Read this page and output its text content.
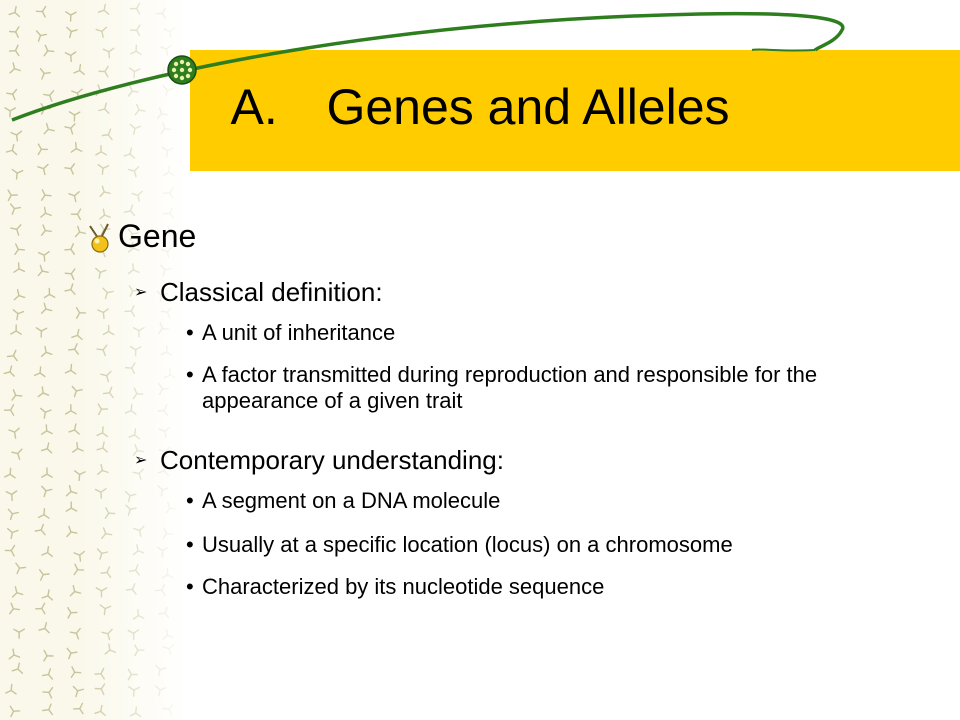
A. Genes and Alleles
Gene
➢ Classical definition:
• A unit of inheritance
• A factor transmitted during reproduction and responsible for the appearance of a given trait
➢ Contemporary understanding:
• A segment on a DNA molecule
• Usually at a specific location (locus) on a chromosome
• Characterized by its nucleotide sequence
